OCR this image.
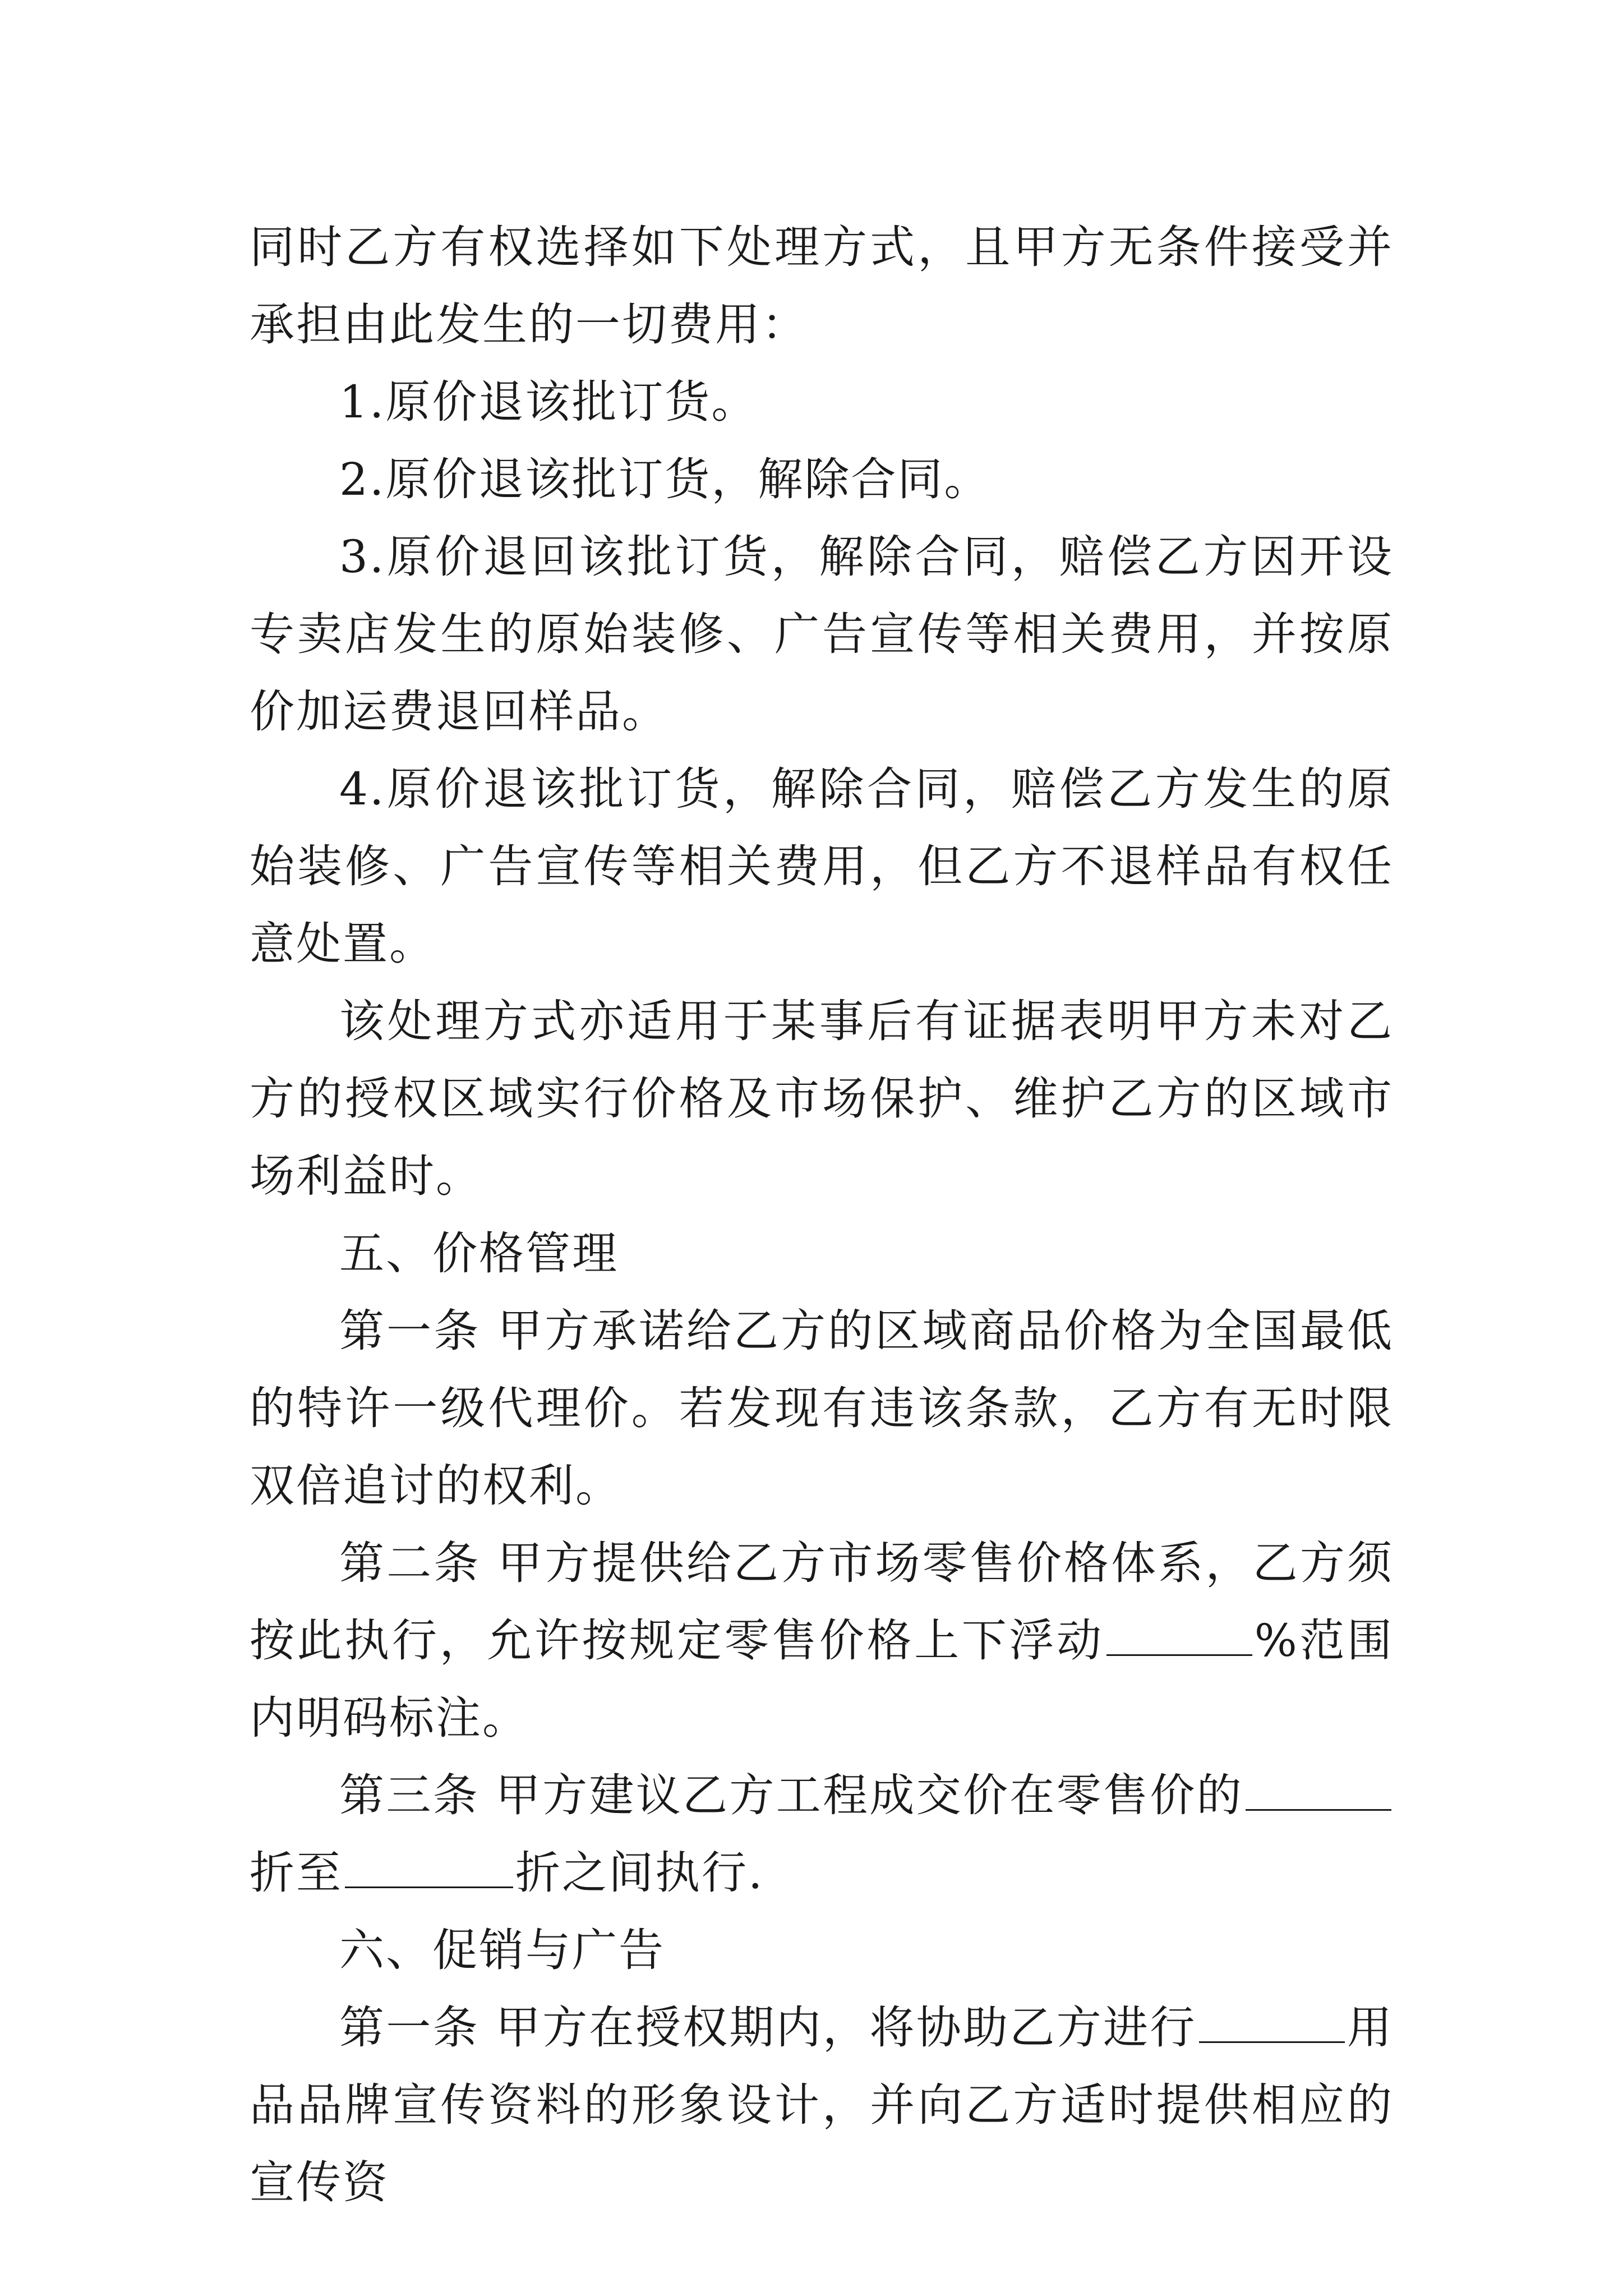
同时乙方有权选择如下处理方式，且甲方无条件接受并承担由此发生的一切费用：

1.原价退该批订货。

2.原价退该批订货，解除合同。

3.原价退回该批订货，解除合同，赔偿乙方因开设专卖店发生的原始装修、广告宣传等相关费用，并按原价加运费退回样品。

4.原价退该批订货，解除合同，赔偿乙方发生的原始装修、广告宣传等相关费用，但乙方不退样品有权任意处置。

该处理方式亦适用于某事后有证据表明甲方未对乙方的授权区域实行价格及市场保护、维护乙方的区域市场利益时。

五、价格管理

第一条 甲方承诺给乙方的区域商品价格为全国最低的特许一级代理价。若发现有违该条款，乙方有无时限双倍追讨的权利。

第二条 甲方提供给乙方市场零售价格体系，乙方须按此执行，允许按规定零售价格上下浮动	%范围内明码标注。

第三条 甲方建议乙方工程成交价在零售价的折至	折之间执行.

六、促销与广告

第一条 甲方在授权期内，将协助乙方进行	用品品牌宣传资料的形象设计，并向乙方适时提供相应的宣传资
